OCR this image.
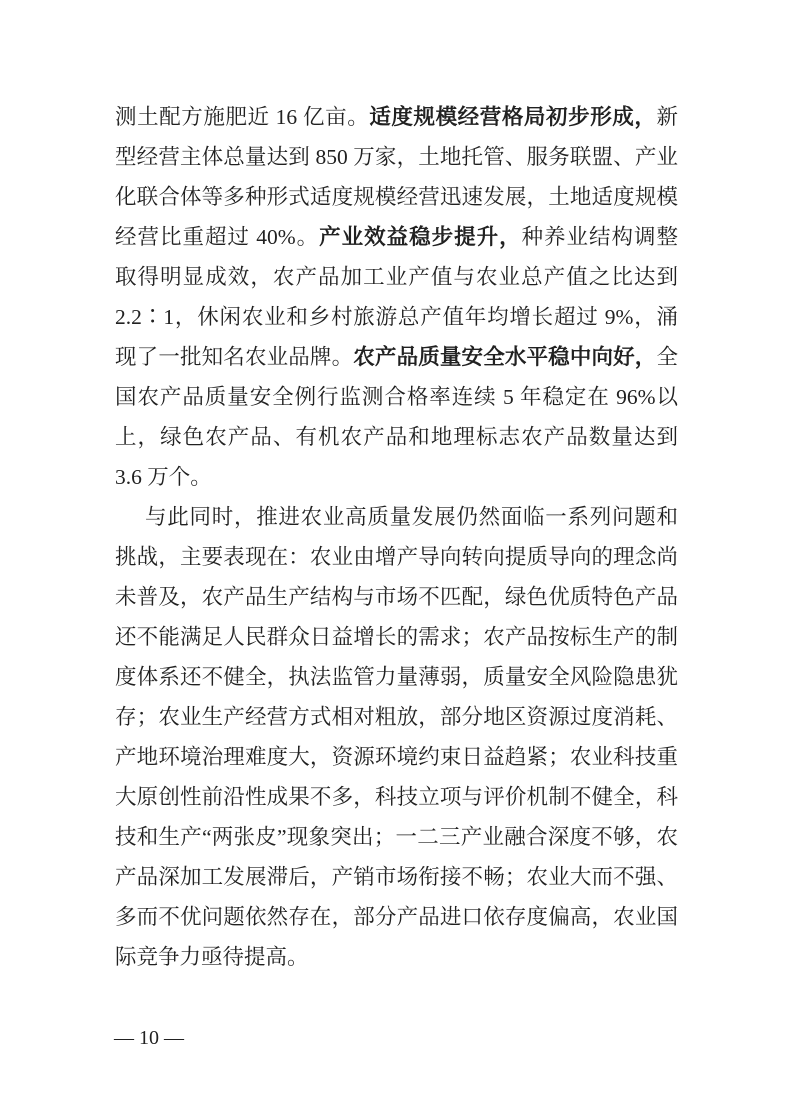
测土配方施肥近 16 亿亩。适度规模经营格局初步形成，新
型经营主体总量达到 850 万家，土地托管、服务联盟、产业
化联合体等多种形式适度规模经营迅速发展，土地适度规模
经营比重超过 40%。产业效益稳步提升，种养业结构调整
取得明显成效，农产品加工业产值与农业总产值之比达到
2.2∶1，休闲农业和乡村旅游总产值年均增长超过 9%，涌
现了一批知名农业品牌。农产品质量安全水平稳中向好，全
国农产品质量安全例行监测合格率连续 5 年稳定在 96%以
上，绿色农产品、有机农产品和地理标志农产品数量达到
3.6 万个。
与此同时，推进农业高质量发展仍然面临一系列问题和
挑战，主要表现在：农业由增产导向转向提质导向的理念尚
未普及，农产品生产结构与市场不匹配，绿色优质特色产品
还不能满足人民群众日益增长的需求；农产品按标生产的制
度体系还不健全，执法监管力量薄弱，质量安全风险隐患犹
存；农业生产经营方式相对粗放，部分地区资源过度消耗、
产地环境治理难度大，资源环境约束日益趋紧；农业科技重
大原创性前沿性成果不多，科技立项与评价机制不健全，科
技和生产“两张皮”现象突出；一二三产业融合深度不够，农
产品深加工发展滞后，产销市场衔接不畅；农业大而不强、
多而不优问题依然存在，部分产品进口依存度偏高，农业国
际竞争力亟待提高。
— 10 —
